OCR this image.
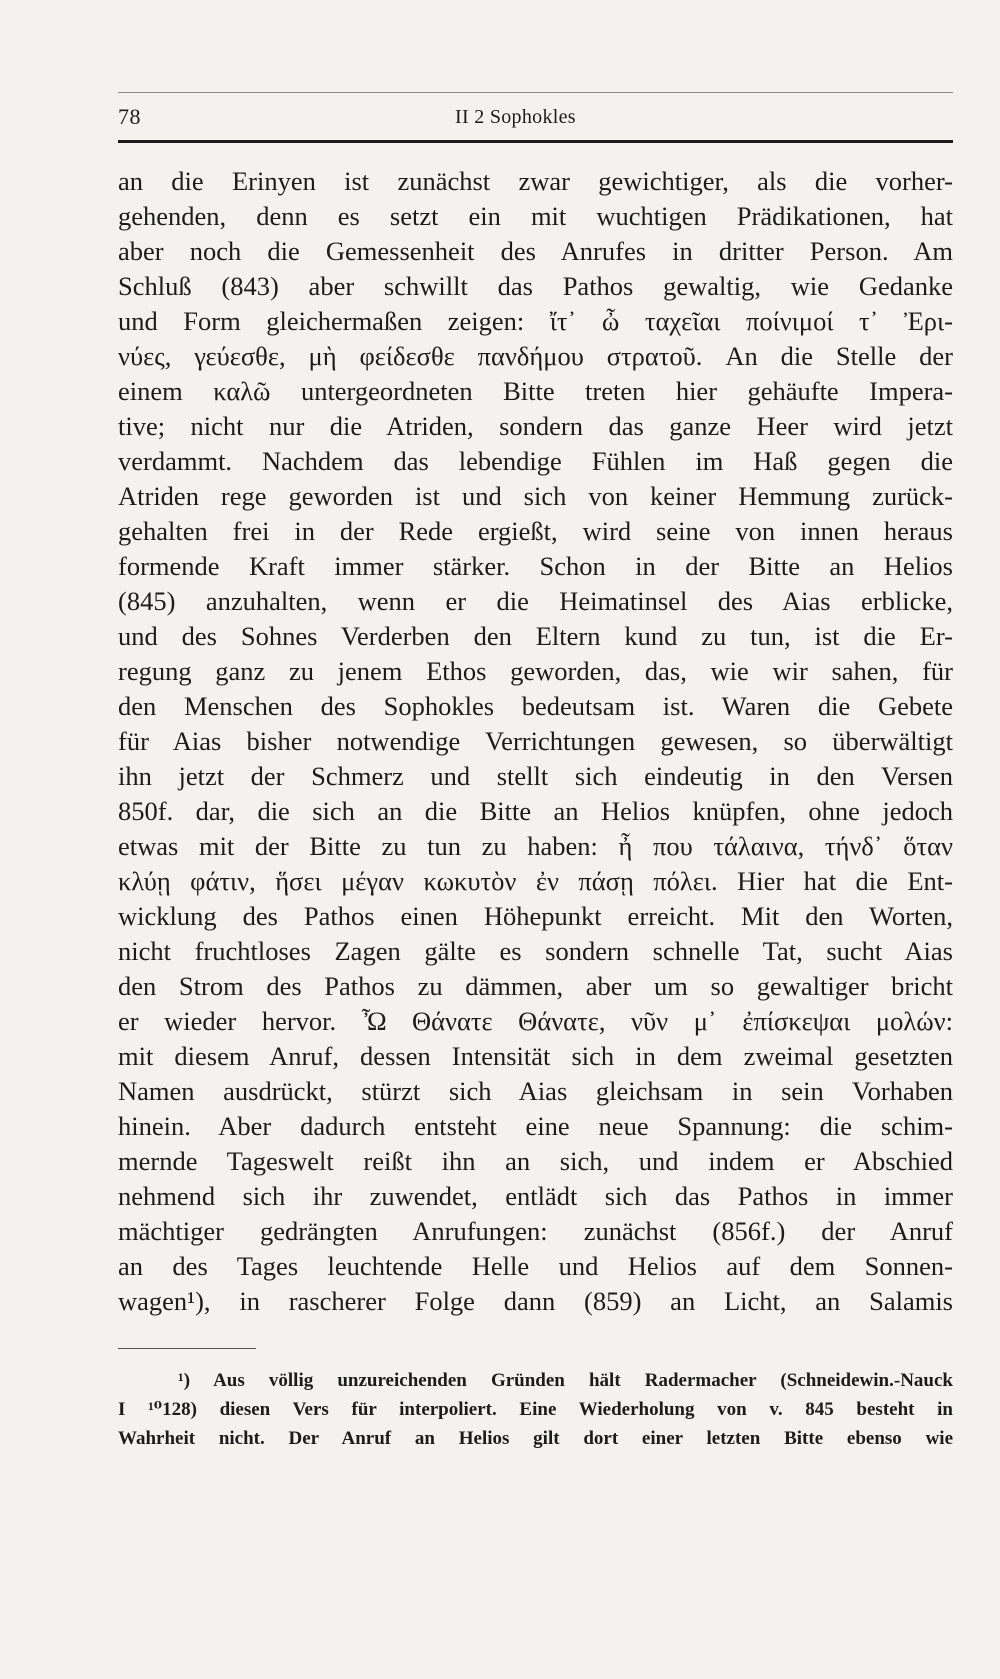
78	II 2 Sophokles
an die Erinyen ist zunächst zwar gewichtiger, als die vorher-
gehenden, denn es setzt ein mit wuchtigen Prädikationen, hat
aber noch die Gemessenheit des Anrufes in dritter Person. Am
Schluß (843) aber schwillt das Pathos gewaltig, wie Gedanke
und Form gleichermaßen zeigen: ἴτ᾽ ὦ ταχεῖαι ποίνιμοί τ᾽ Ἐρι-
νύες, γεύεσθε, μὴ φείδεσθε πανδήμου στρατοῦ. An die Stelle der
einem καλῶ untergeordneten Bitte treten hier gehäufte Impera-
tive; nicht nur die Atriden, sondern das ganze Heer wird jetzt
verdammt. Nachdem das lebendige Fühlen im Haß gegen die
Atriden rege geworden ist und sich von keiner Hemmung zurück-
gehalten frei in der Rede ergießt, wird seine von innen heraus
formende Kraft immer stärker. Schon in der Bitte an Helios
(845) anzuhalten, wenn er die Heimatinsel des Aias erblicke,
und des Sohnes Verderben den Eltern kund zu tun, ist die Er-
regung ganz zu jenem Ethos geworden, das, wie wir sahen, für
den Menschen des Sophokles bedeutsam ist. Waren die Gebete
für Aias bisher notwendige Verrichtungen gewesen, so überwältigt
ihn jetzt der Schmerz und stellt sich eindeutig in den Versen
850f. dar, die sich an die Bitte an Helios knüpfen, ohne jedoch
etwas mit der Bitte zu tun zu haben: ἦ που τάλαινα, τήνδ᾽ ὅταν
κλύῃ φάτιν, ἥσει μέγαν κωκυτὸν ἐν πάσῃ πόλει. Hier hat die Ent-
wicklung des Pathos einen Höhepunkt erreicht. Mit den Worten,
nicht fruchtloses Zagen gälte es sondern schnelle Tat, sucht Aias
den Strom des Pathos zu dämmen, aber um so gewaltiger bricht
er wieder hervor. Ὦ Θάνατε Θάνατε, νῦν μ᾽ ἐπίσκεψαι μολών:
mit diesem Anruf, dessen Intensität sich in dem zweimal gesetzten
Namen ausdrückt, stürzt sich Aias gleichsam in sein Vorhaben
hinein. Aber dadurch entsteht eine neue Spannung: die schim-
mernde Tageswelt reißt ihn an sich, und indem er Abschied
nehmend sich ihr zuwendet, entlädt sich das Pathos in immer
mächtiger gedrängten Anrufungen: zunächst (856f.) der Anruf
an des Tages leuchtende Helle und Helios auf dem Sonnen-
wagen¹), in rascherer Folge dann (859) an Licht, an Salamis
¹) Aus völlig unzureichenden Gründen hält Radermacher (Schneidewin.-Nauck
I ¹⁰128) diesen Vers für interpoliert. Eine Wiederholung von v. 845 besteht in
Wahrheit nicht. Der Anruf an Helios gilt dort einer letzten Bitte ebenso wie
